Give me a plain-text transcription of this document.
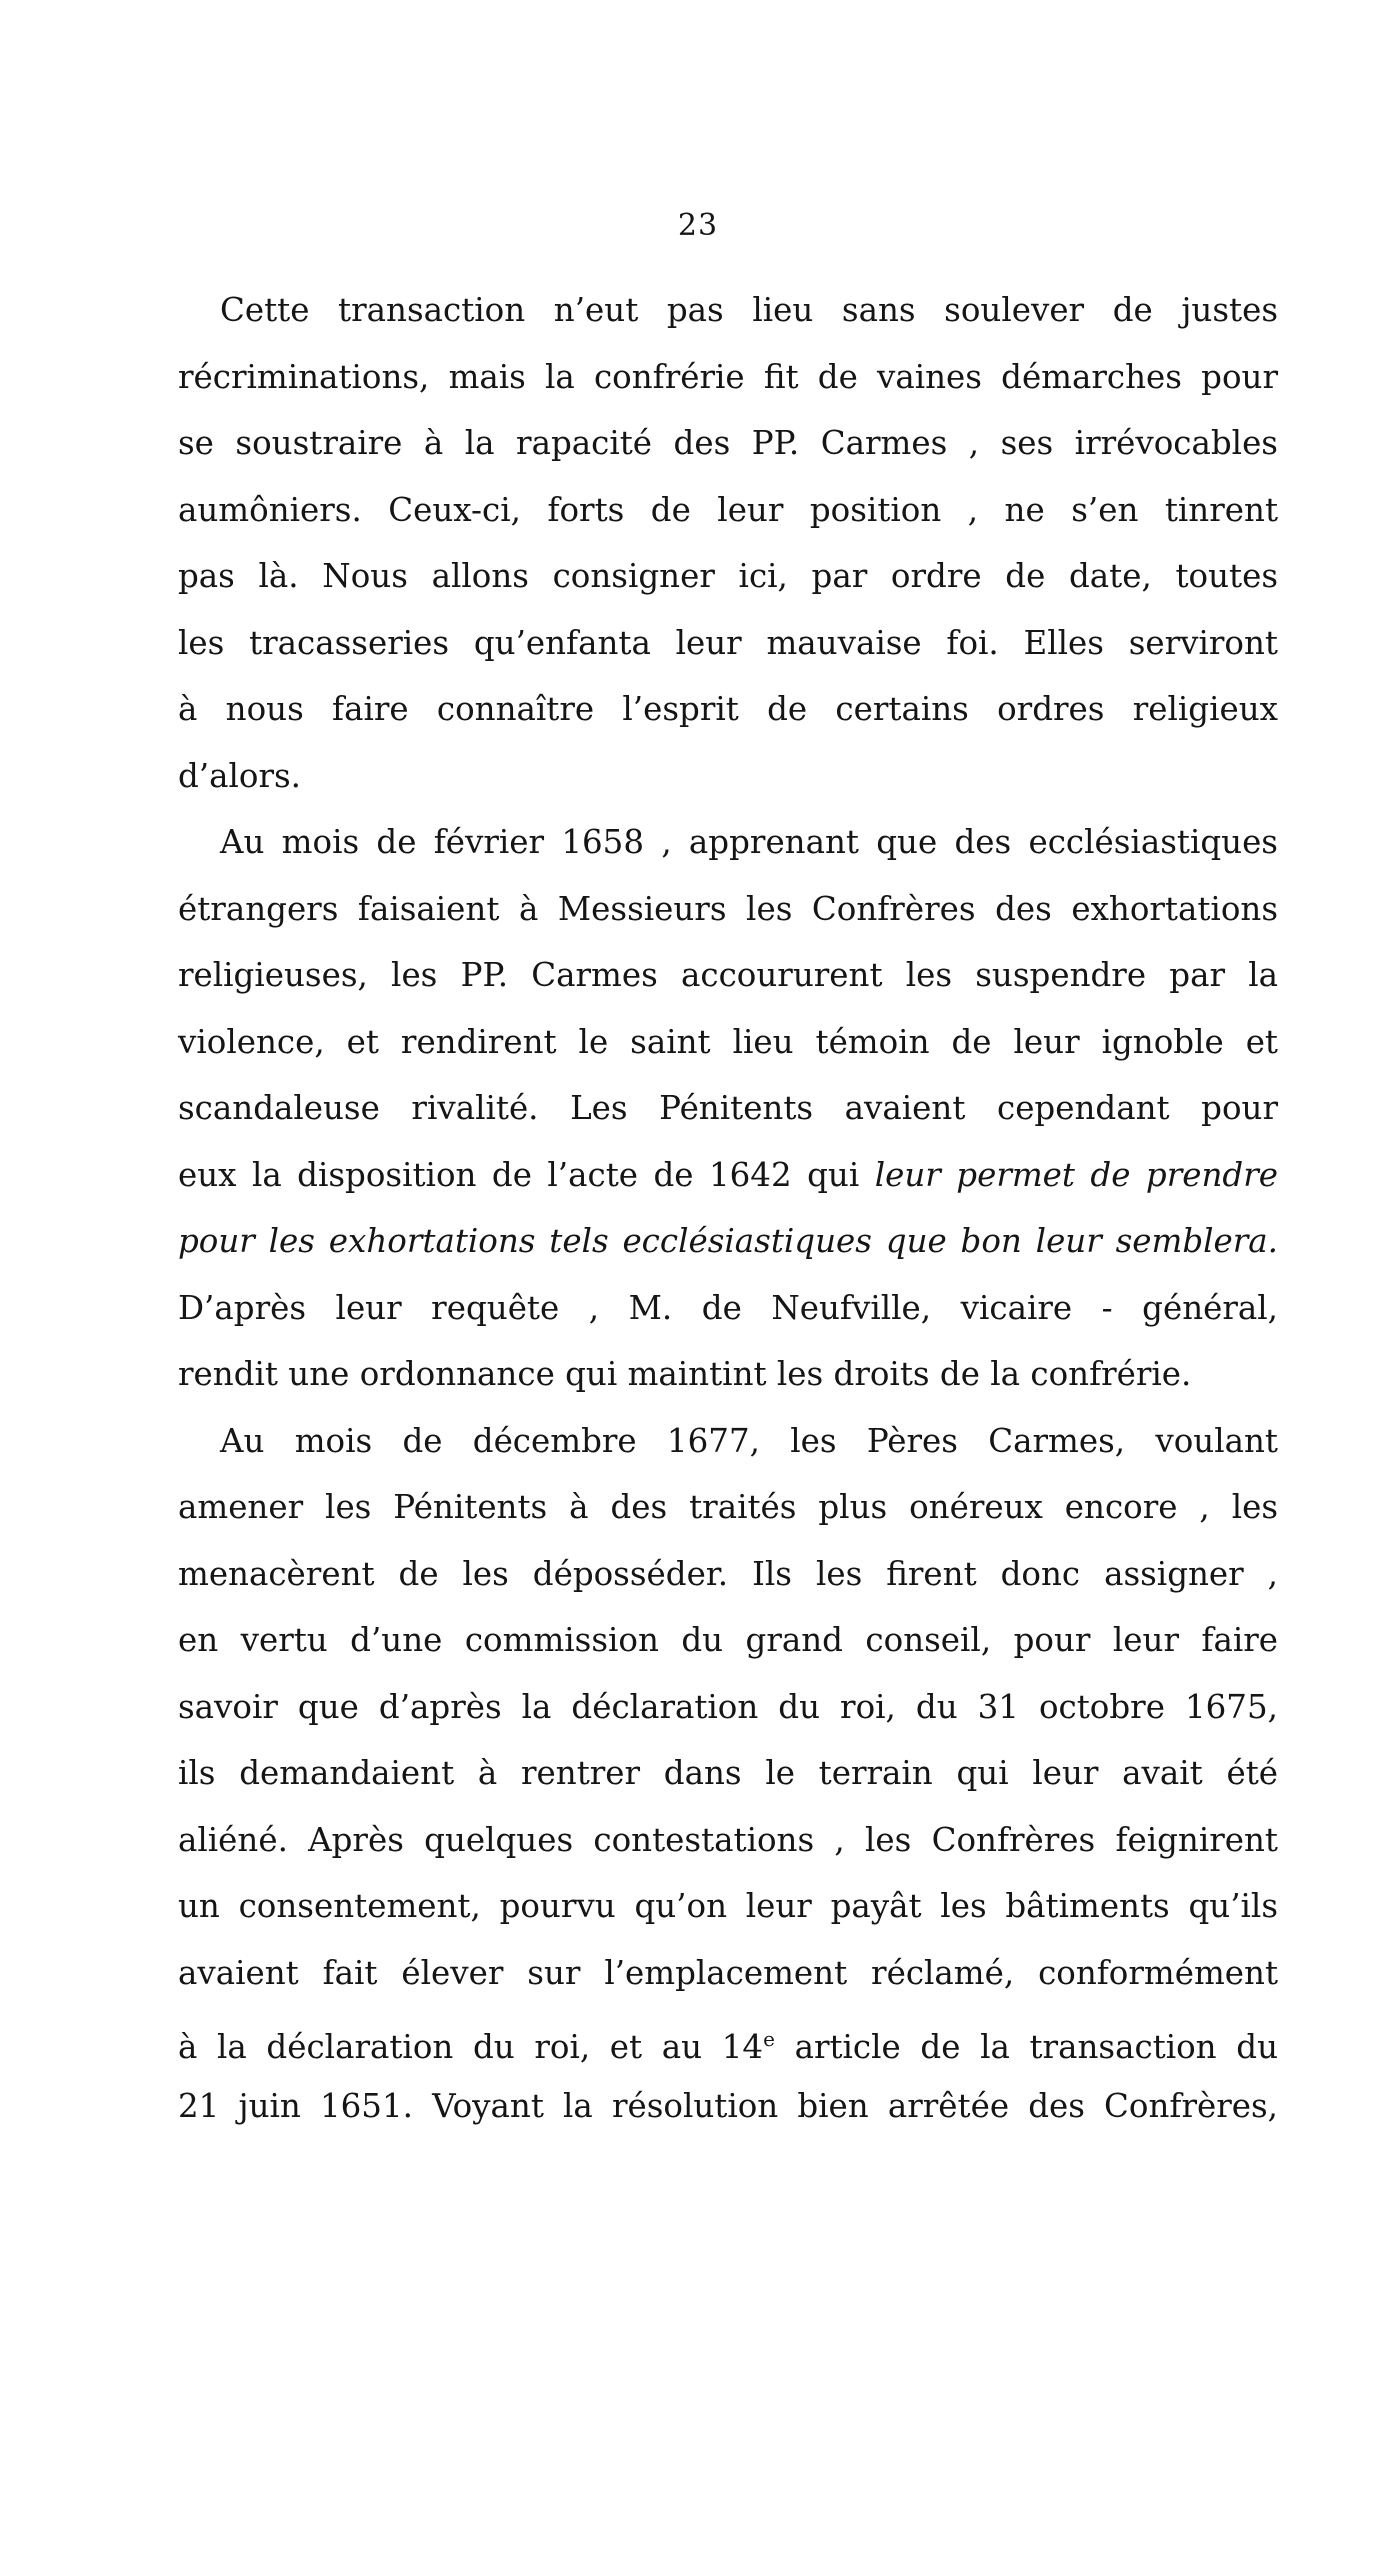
23
Cette transaction n’eut pas lieu sans soulever de justes
récriminations, mais la confrérie fit de vaines démarches pour
se soustraire à la rapacité des PP. Carmes , ses irrévocables
aumôniers. Ceux-ci, forts de leur position , ne s’en tinrent
pas là. Nous allons consigner ici, par ordre de date, toutes
les tracasseries qu’enfanta leur mauvaise foi. Elles serviront
à nous faire connaître l’esprit de certains ordres religieux
d’alors.
Au mois de février 1658 , apprenant que des ecclésiastiques
étrangers faisaient à Messieurs les Confrères des exhortations
religieuses, les PP. Carmes accoururent les suspendre par la
violence, et rendirent le saint lieu témoin de leur ignoble et
scandaleuse rivalité. Les Pénitents avaient cependant pour
eux la disposition de l’acte de 1642 qui leur permet de prendre
pour les exhortations tels ecclésiastiques que bon leur semblera.
D’après leur requête , M. de Neufville, vicaire - général,
rendit une ordonnance qui maintint les droits de la confrérie.
Au mois de décembre 1677, les Pères Carmes, voulant
amener les Pénitents à des traités plus onéreux encore , les
menacèrent de les déposséder. Ils les firent donc assigner ,
en vertu d’une commission du grand conseil, pour leur faire
savoir que d’après la déclaration du roi, du 31 octobre 1675,
ils demandaient à rentrer dans le terrain qui leur avait été
aliéné. Après quelques contestations , les Confrères feignirent
un consentement, pourvu qu’on leur payât les bâtiments qu’ils
avaient fait élever sur l’emplacement réclamé, conformément
à la déclaration du roi, et au 14e article de la transaction du
21 juin 1651. Voyant la résolution bien arrêtée des Confrères,
